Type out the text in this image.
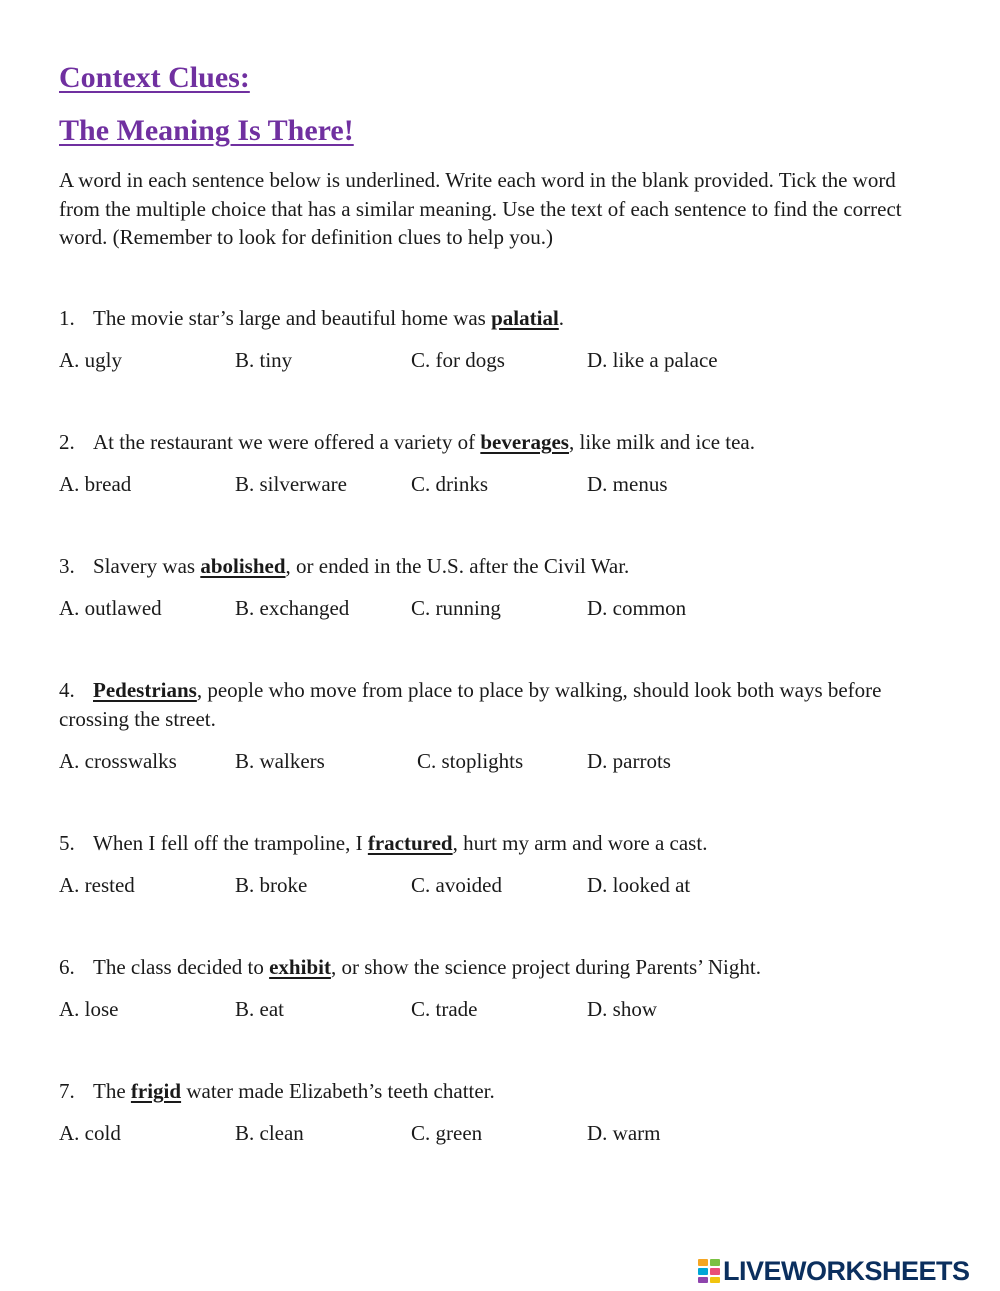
Context Clues:
The Meaning Is There!

A word in each sentence below is underlined. Write each word in the blank provided. Tick the word from the multiple choice that has a similar meaning. Use the text of each sentence to find the correct word. (Remember to look for definition clues to help you.)

1. The movie star’s large and beautiful home was palatial.
A. ugly	B. tiny	C. for dogs	D. like a palace
2. At the restaurant we were offered a variety of beverages, like milk and ice tea.
A. bread	B. silverware	C. drinks	D. menus
3. Slavery was abolished, or ended in the U.S. after the Civil War.
A. outlawed	B. exchanged	C. running	D. common
4. Pedestrians, people who move from place to place by walking, should look both ways before crossing the street.
A. crosswalks	B. walkers	C. stoplights	D. parrots
5. When I fell off the trampoline, I fractured, hurt my arm and wore a cast.
A. rested	B. broke	C. avoided	D. looked at
6. The class decided to exhibit, or show the science project during Parents’ Night.
A. lose	B. eat	C. trade	D. show
7. The frigid water made Elizabeth’s teeth chatter.
A. cold	B. clean	C. green	D. warm
LIVEWORKSHEETS
